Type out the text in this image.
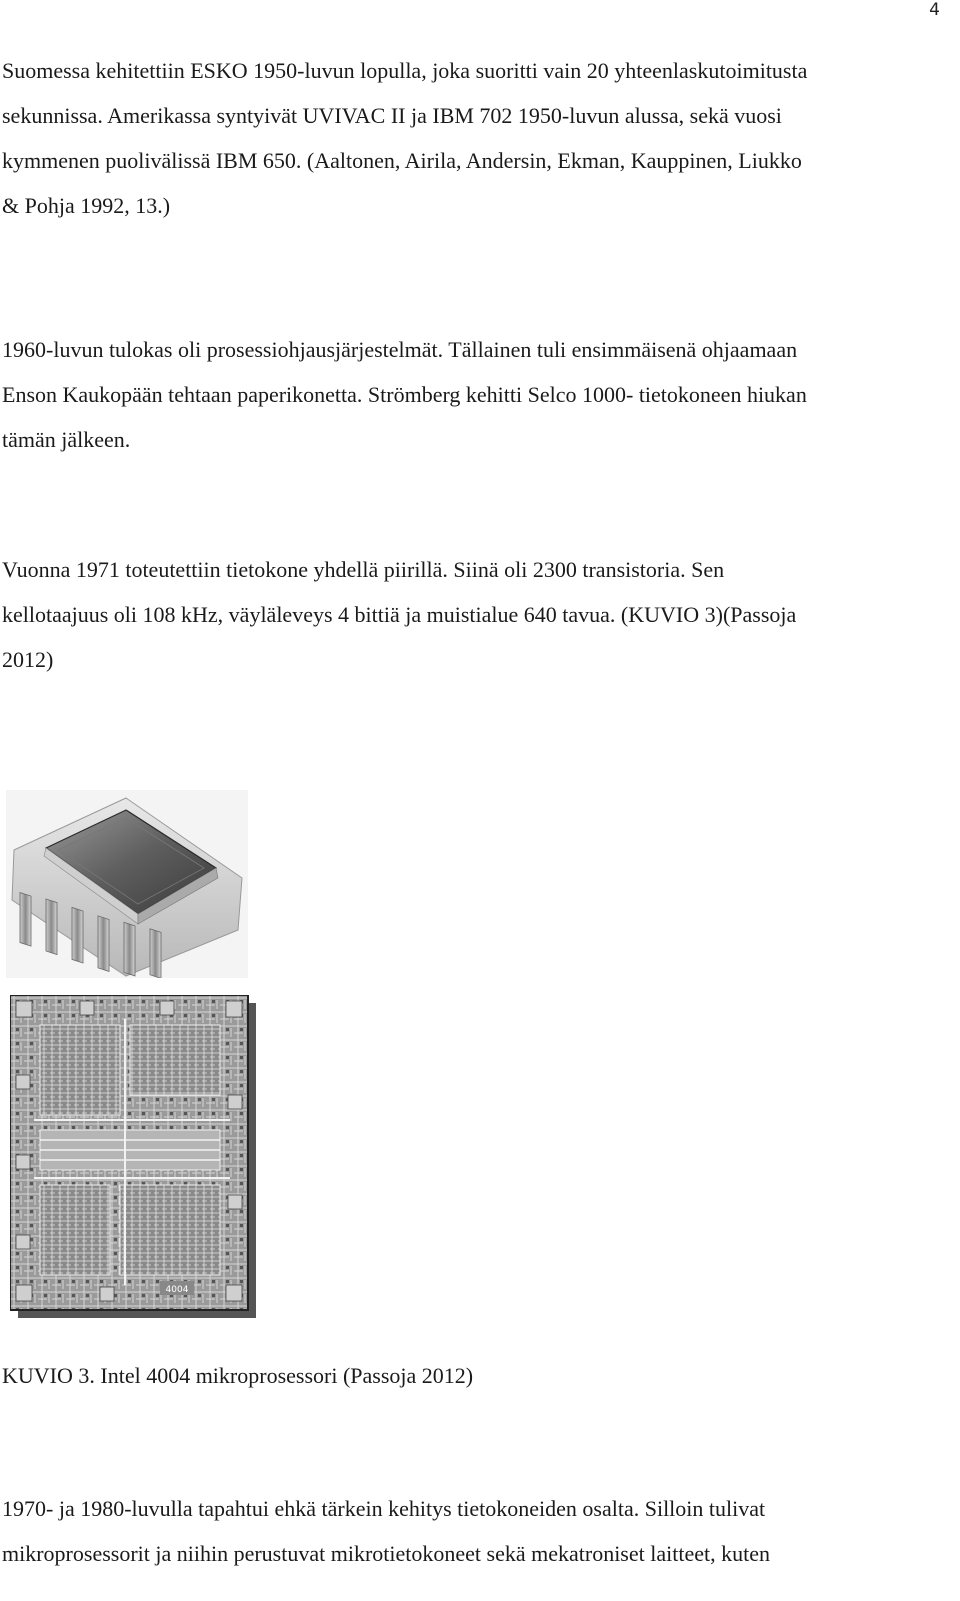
4

Suomessa kehitettiin ESKO 1950-luvun lopulla, joka suoritti vain 20 yhteenlaskutoimitusta
sekunnissa. Amerikassa syntyivät UVIVAC II ja IBM 702 1950-luvun alussa, sekä vuosi
kymmenen puolivälissä IBM 650. (Aaltonen, Airila, Andersin, Ekman, Kauppinen, Liukko
& Pohja 1992, 13.)

1960-luvun tulokas oli prosessiohjausjärjestelmät. Tällainen tuli ensimmäisenä ohjaamaan
Enson Kaukopään tehtaan paperikonetta. Strömberg kehitti Selco 1000- tietokoneen hiukan
tämän jälkeen.

Vuonna 1971 toteutettiin tietokone yhdellä piirillä. Siinä oli 2300 transistoria. Sen
kellotaajuus oli 108 kHz, väyläleveys 4 bittiä ja muistialue 640 tavua. (KUVIO 3)(Passoja
2012)

4004

KUVIO 3. Intel 4004 mikroprosessori (Passoja 2012)

1970- ja 1980-luvulla tapahtui ehkä tärkein kehitys tietokoneiden osalta. Silloin tulivat
mikroprosessorit ja niihin perustuvat mikrotietokoneet sekä mekatroniset laitteet, kuten
